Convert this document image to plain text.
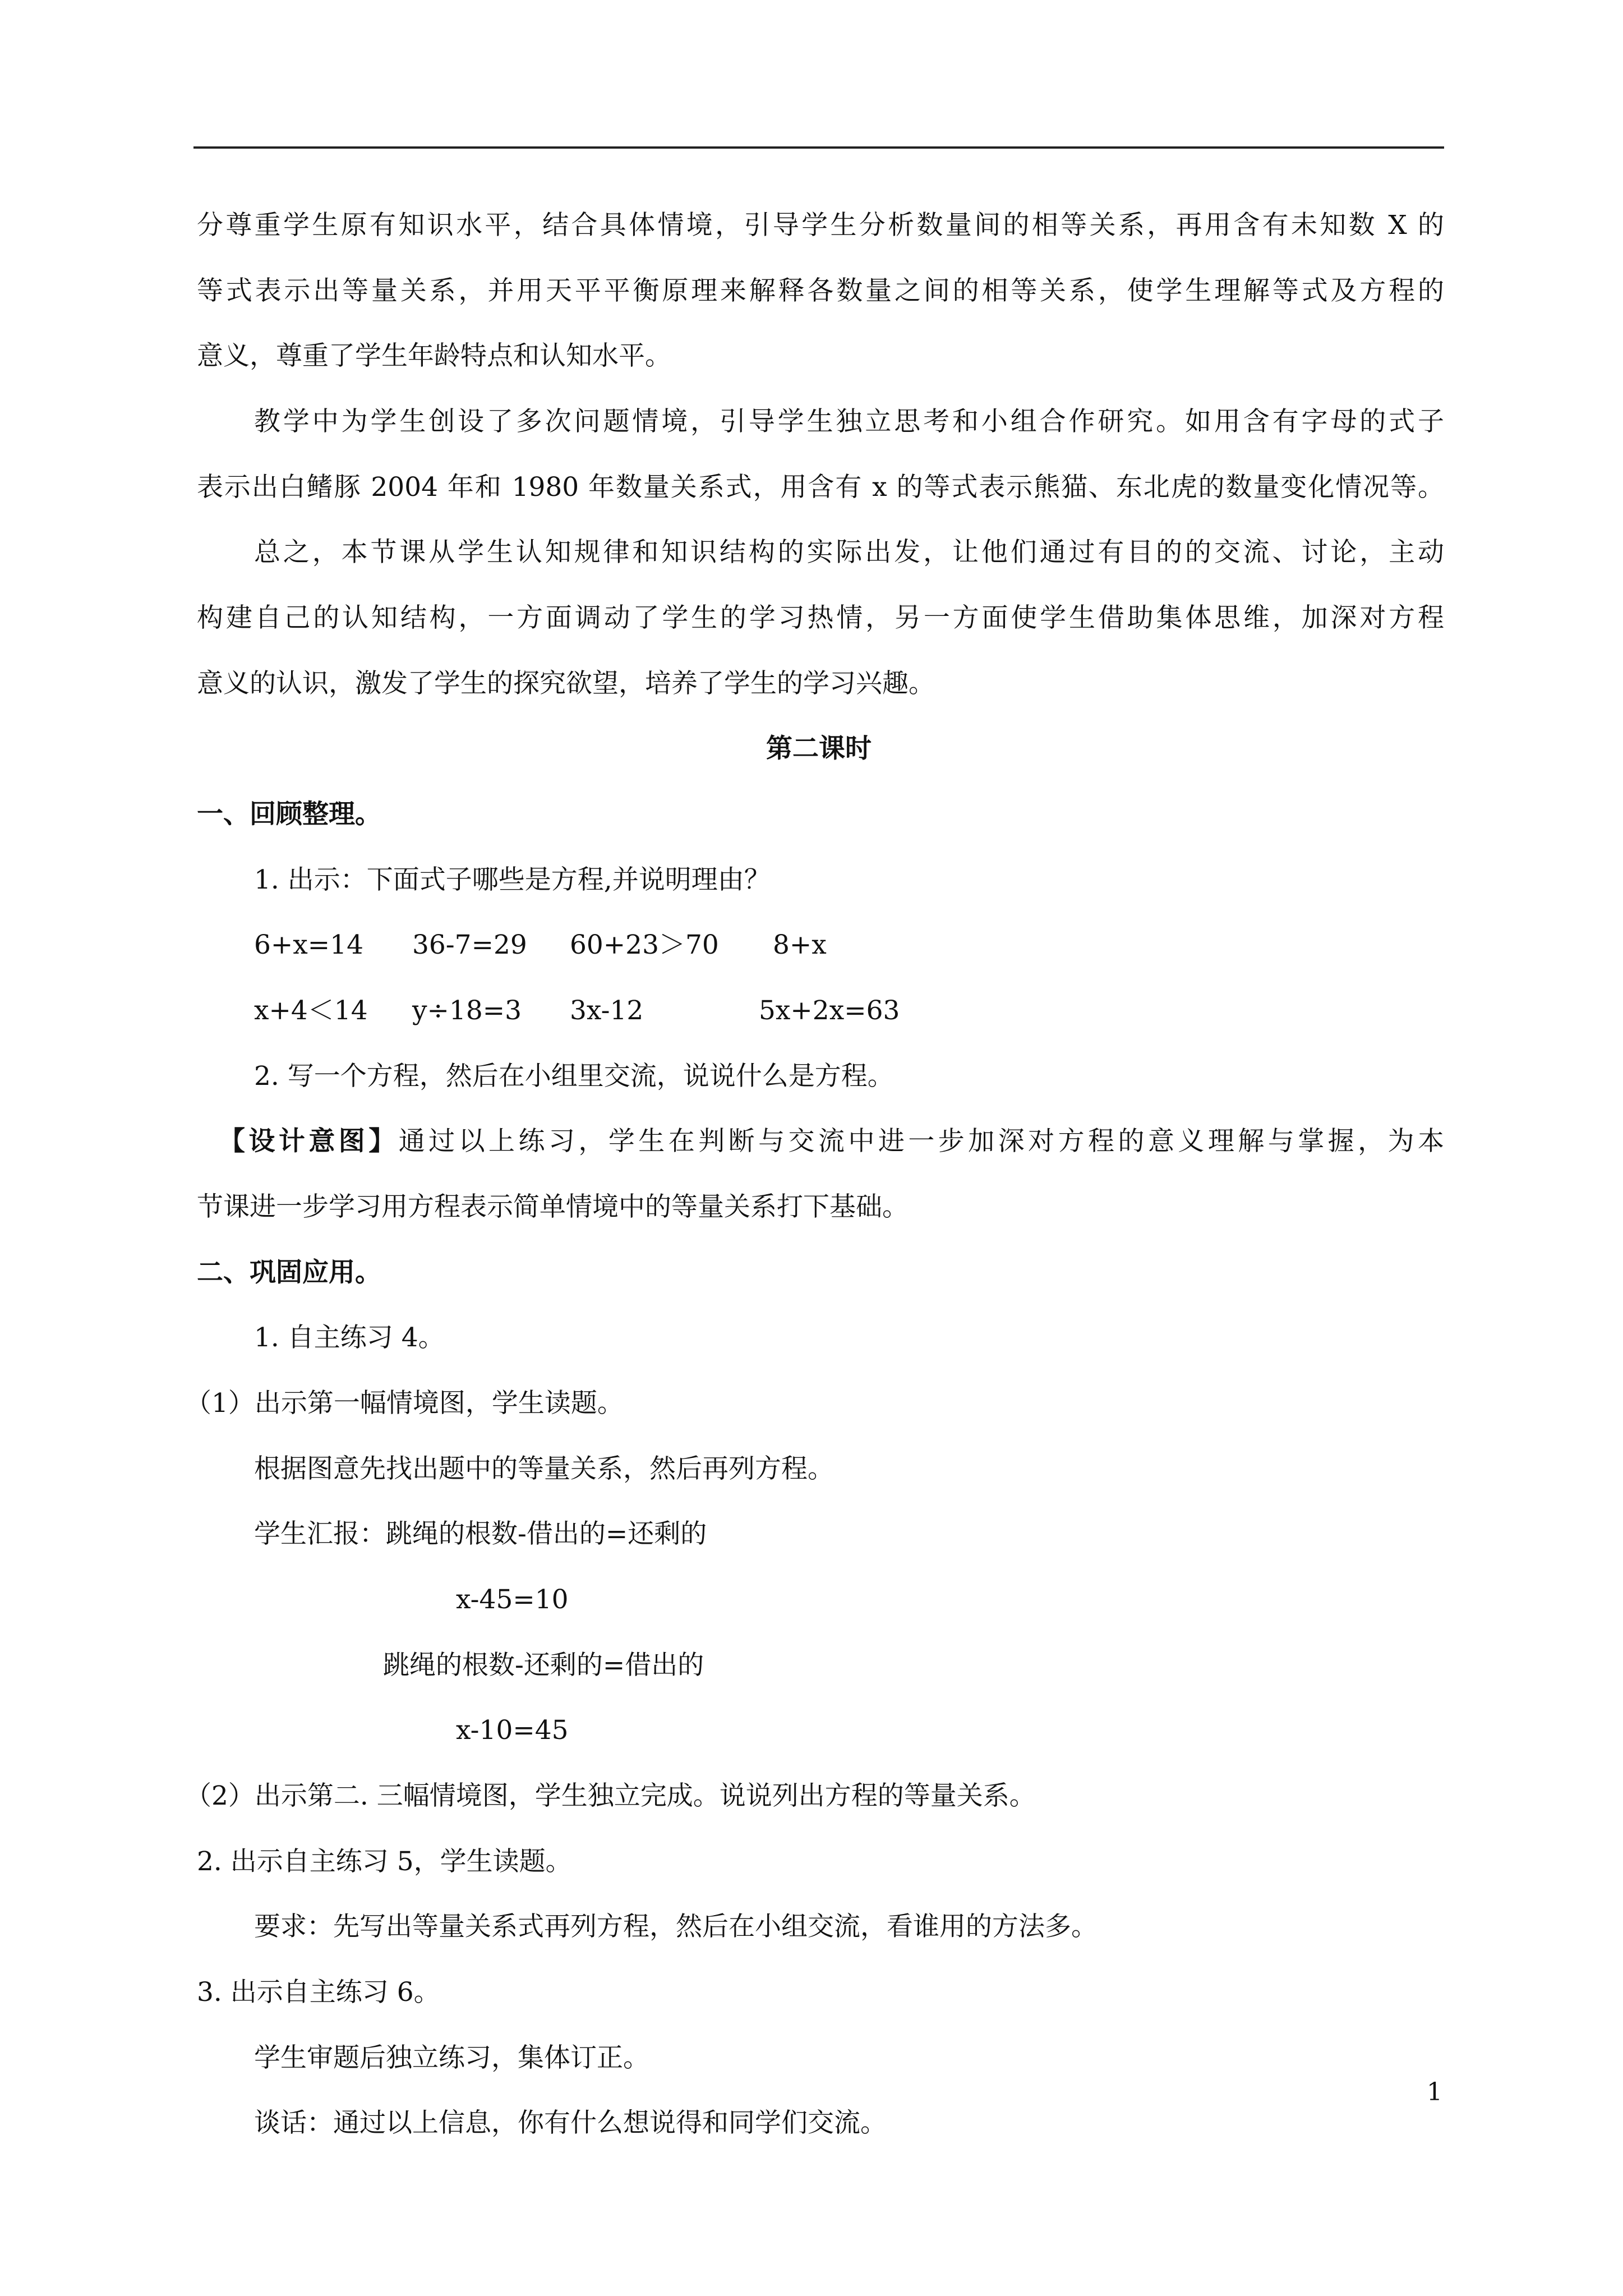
分尊重学生原有知识水平，结合具体情境，引导学生分析数量间的相等关系，再用含有未知数 X 的

等式表示出等量关系，并用天平平衡原理来解释各数量之间的相等关系，使学生理解等式及方程的

意义，尊重了学生年龄特点和认知水平。

教学中为学生创设了多次问题情境，引导学生独立思考和小组合作研究。如用含有字母的式子

表示出白鳍豚 2004 年和 1980 年数量关系式，用含有 x 的等式表示熊猫、东北虎的数量变化情况等。

总之，本节课从学生认知规律和知识结构的实际出发，让他们通过有目的的交流、讨论，主动

构建自己的认知结构，一方面调动了学生的学习热情，另一方面使学生借助集体思维，加深对方程

意义的认识，激发了学生的探究欲望，培养了学生的学习兴趣。

第二课时

一、回顾整理。

1. 出示：下面式子哪些是方程,并说明理由？

6+x=14 36-7=29 60+23＞70 8+x
x+4＜14 y÷18=3 3x-12	5x+2x=63

2. 写一个方程，然后在小组里交流，说说什么是方程。

【设计意图】通过以上练习，学生在判断与交流中进一步加深对方程的意义理解与掌握，为本

节课进一步学习用方程表示简单情境中的等量关系打下基础。

二、巩固应用。

1. 自主练习 4。

（1）出示第一幅情境图，学生读题。

根据图意先找出题中的等量关系，然后再列方程。

学生汇报：跳绳的根数-借出的=还剩的

x-45=10

跳绳的根数-还剩的=借出的

x-10=45

（2）出示第二. 三幅情境图，学生独立完成。说说列出方程的等量关系。

2. 出示自主练习 5，学生读题。

要求：先写出等量关系式再列方程，然后在小组交流，看谁用的方法多。

3. 出示自主练习 6。

学生审题后独立练习，集体订正。

谈话：通过以上信息，你有什么想说得和同学们交流。

1
